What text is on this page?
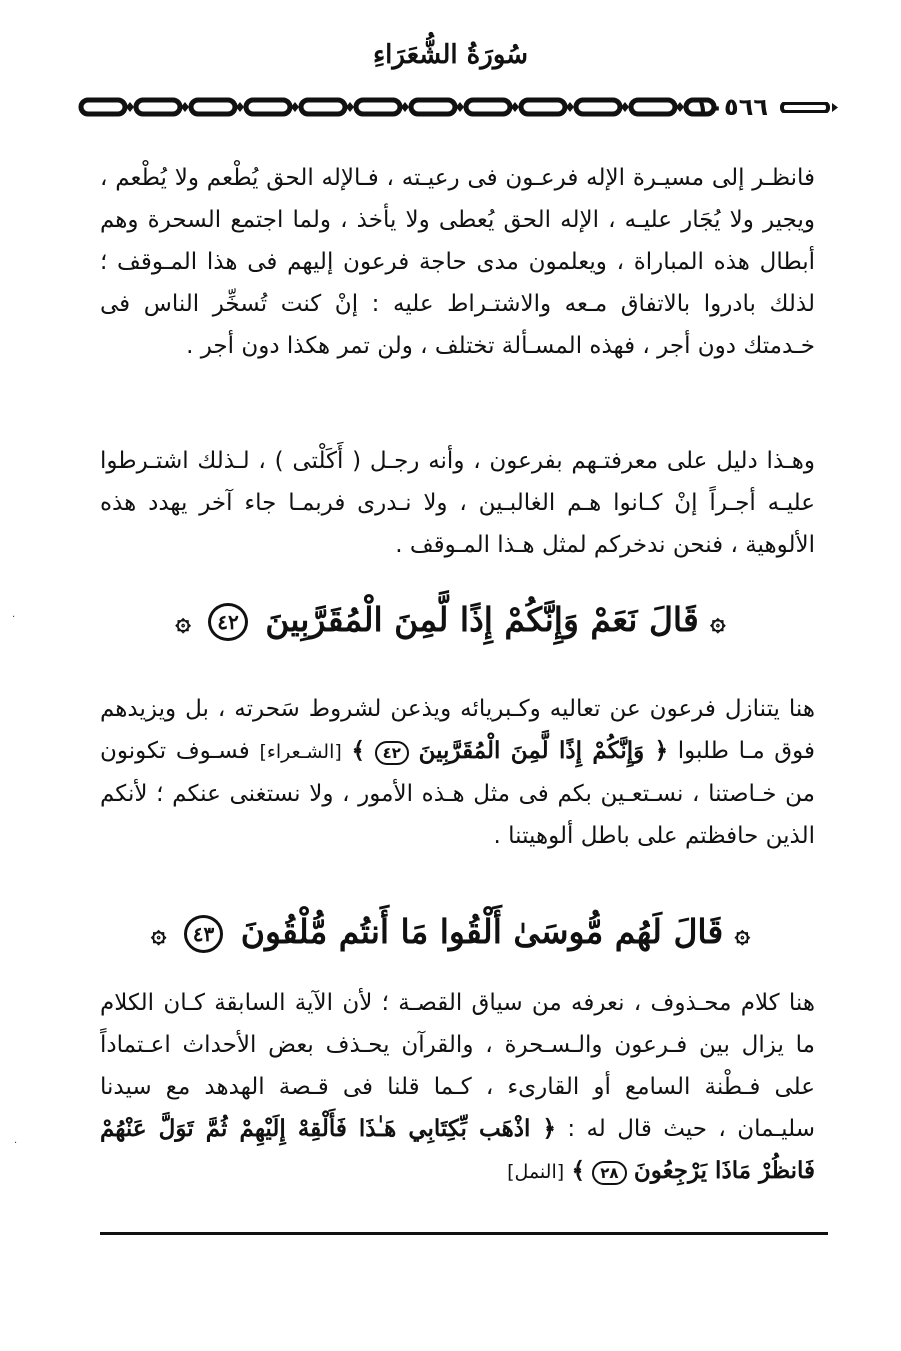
سُورَةُ الشُّعَرَاءِ
١٠٥٦٦
فانظـر إلى مسيـرة الإله فرعـون فى رعيـته ، فـالإله الحق يُطْعم ولا يُطْعم ، ويجير ولا يُجَار عليـه ، الإله الحق يُعطى ولا يأخذ ، ولما اجتمع السحرة وهم أبطال هذه المباراة ، ويعلمون مدى حاجة فرعون إليهم فى هذا المـوقف ؛ لذلك بادروا بالاتفاق مـعه والاشتـراط عليه : إنْ كنت تُسخِّر الناس فى خـدمتك دون أجر ، فهذه المسـألة تختلف ، ولن تمر هكذا دون أجر .
وهـذا دليل على معرفتـهم بفرعون ، وأنه رجـل ( أَكَلْتى ) ، لـذلك اشتـرطوا عليـه أجـراً إنْ كـانوا هـم الغالبـين ، ولا نـدرى فربمـا جاء آخر يهدد هذه الألوهية ، فنحن ندخركم لمثل هـذا المـوقف .
۞ قَالَ نَعَمْ وَإِنَّكُمْ إِذًا لَّمِنَ الْمُقَرَّبِينَ ٤٢ ۞
هنا يتنازل فرعون عن تعاليه وكـبريائه ويذعن لشروط سَحرته ، بل ويزيدهم فوق مـا طلبوا ﴿ وَإِنَّكُمْ إِذًا لَّمِنَ الْمُقَرَّبِينَ ٤٢ ﴾ [الشـعراء] فسـوف تكونون من خـاصتنا ، نسـتعـين بكم فى مثل هـذه الأمور ، ولا نستغنى عنكم ؛ لأنكم الذين حافظتم على باطل ألوهيتنا .
۞ قَالَ لَهُم مُّوسَىٰ أَلْقُوا مَا أَنتُم مُّلْقُونَ ٤٣ ۞
هنا كلام محـذوف ، نعرفه من سياق القصـة ؛ لأن الآية السابقة كـان الكلام ما يزال بين فـرعون والـسـحرة ، والقرآن يحـذف بعض الأحداث اعـتماداً على فـطْنة السامع أو القارىء ، كـما قلنا فى قـصة الهدهد مع سيدنا سليـمان ، حيث قال له : ﴿ اذْهَب بِّكِتَابِي هَـٰذَا فَأَلْقِهْ إِلَيْهِمْ ثُمَّ تَوَلَّ عَنْهُمْ فَانظُرْ مَاذَا يَرْجِعُونَ ٢٨ ﴾ [النمل]
·
·
